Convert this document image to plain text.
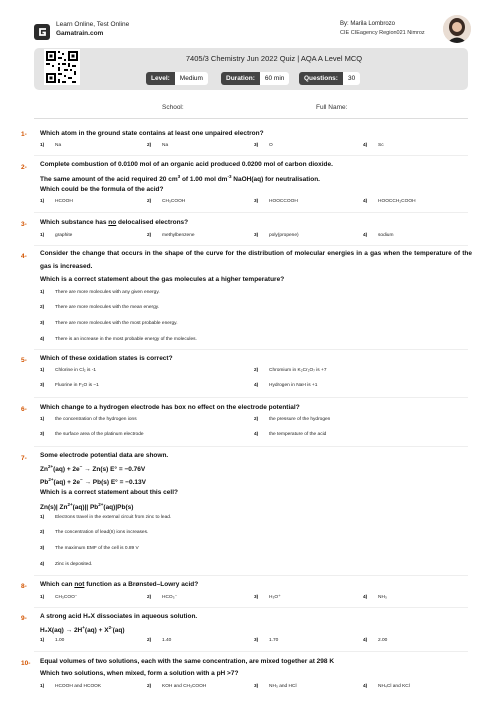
Learn Online, Test Online
Gamatrain.com
By: Marila Lombrozo
CIE CIEagency Region021 Nimroz
7405/3 Chemistry Jun 2022 Quiz | AQA A Level MCQ
Level:	Medium	Duration:	60 min	Questions:	30
School:	Full Name:
1- Which atom in the ground state contains at least one unpaired electron?
1) Na	2) Na	3) O	4) Sc
2- Complete combustion of 0.0100 mol of an organic acid produced 0.0200 mol of carbon dioxide.
The same amount of the acid required 20 $cm^3$ of 1.00 mol $dm^{-3}$ NaOH(aq) for neutralisation.
Which could be the formula of the acid?
1) HCOOH	2) CH₃COOH	3) HOOCCOOH	4) HOOCCH₂COOH
3- Which substance has no delocalised electrons?
1) graphite	2) methylbenzene	3) poly(propene)	4) sodium
4- Consider the change that occurs in the shape of the curve for the distribution of molecular energies in a gas when the temperature of the gas is increased.
Which is a correct statement about the gas molecules at a higher temperature?
1) There are more molecules with any given energy.
2) There are more molecules with the mean energy.
3) There are more molecules with the most probable energy.
4) There is an increase in the most probable energy of the molecules.
5- Which of these oxidation states is correct?
1) Chlorine in Cl₂ is -1	2) Chromium in K₂Cr₂O₇ is +7
3) Fluorine in F₂O is −1	4) Hydrogen in NaH is +1
6- Which change to a hydrogen electrode has box no effect on the electrode potential?
1) the concentration of the hydrogen ions	2) the pressure of the hydrogen
3) the surface area of the platinum electrode	4) the temperature of the acid
7- Some electrode potential data are shown.
$Zn^{2+}(aq) + 2e^- \to Zn(s) E^\circ = -0.76V$
$Pb^{2+}(aq) + 2e^- \to Pb(s) E^\circ = -0.13V$
Which is a correct statement about this cell?
Zn(s)| $Zn^{2+}(aq)||$ $Pb^{2+}(aq)|Pb(s)$
1) Electrons travel in the external circuit from zinc to lead.
2) The concentration of lead(II) ions increases.
3) The maximum EMF of the cell is 0.89 V
4) Zinc is deposited.
8- Which can not function as a Brønsted–Lowry acid?
1) CH₃COO⁻	2) HCO₃⁻	3) H₃O⁺	4) NH₃
9- A strong acid H₂X dissociates in aqueous solution.
$H_2X(aq) \to 2H^+(aq) + X^{2-}(aq)$
1) 1.00	2) 1.40	3) 1.70	4) 2.00
10- Equal volumes of two solutions, each with the same concentration, are mixed together at 298 K
Which two solutions, when mixed, form a solution with a pH >7?
1) HCOOH and HCOOK	2) KOH and CH₃COOH	3) NH₃ and HCl	4) NH₄Cl and KCl
